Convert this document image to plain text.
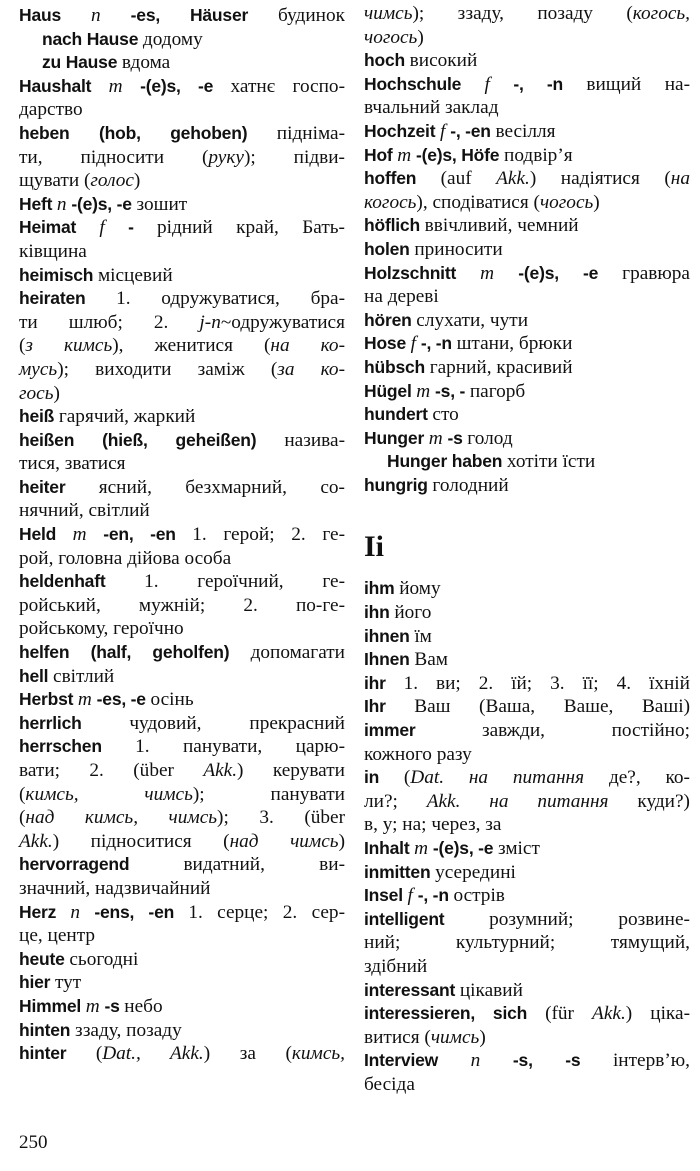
Haus n -es, Häuser будинок
nach Hause додому
zu Hause вдома
Haushalt m -(e)s, -e хатнє госпо-
дарство
heben (hob, gehoben) підніма-
ти, підносити (руку); підви-
щувати (голос)
Heft n -(e)s, -e зошит
Heimat f - рідний край, Бать-
ківщина
heimisch місцевий
heiraten 1. одружуватися, бра-
ти шлюб; 2. j-n~одружуватися
(з кимсь), женитися (на ко-
мусь); виходити заміж (за ко-
гось)
heiß гарячий, жаркий
heißen (hieß, geheißen) назива-
тися, зватися
heiter ясний, безхмарний, со-
нячний, світлий
Held m -en, -en 1. герой; 2. ге-
рой, головна дійова особа
heldenhaft 1. героїчний, ге-
ройський, мужній; 2. по-ге-
ройському, героїчно
helfen (half, geholfen) допомагати
hell світлий
Herbst m -es, -e осінь
herrlich чудовий, прекрасний
herrschen 1. панувати, царю-
вати; 2. (über Akk.) керувати
(кимсь, чимсь); панувати
(над кимсь, чимсь); 3. (über
Akk.) підноситися (над чимсь)
hervorragend видатний, ви-
значний, надзвичайний
Herz n -ens, -en 1. серце; 2. сер-
це, центр
heute сьогодні
hier тут
Himmel m -s небо
hinten ззаду, позаду
hinter (Dat., Akk.) за (кимсь,
чимсь); ззаду, позаду (когось,
чогось)
hoch високий
Hochschule f -, -n вищий на-
вчальний заклад
Hochzeit f -, -en весілля
Hof m -(e)s, Höfe подвір’я
hoffen (auf Akk.) надіятися (на
когось), сподіватися (чогось)
höflich ввічливий, чемний
holen приносити
Holzschnitt m -(e)s, -e гравюра
на дереві
hören слухати, чути
Hose f -, -n штани, брюки
hübsch гарний, красивий
Hügel m -s, - пагорб
hundert сто
Hunger m -s голод
Hunger haben хотіти їсти
hungrig голодний
Ii
ihm йому
ihn його
ihnen їм
Ihnen Вам
ihr 1. ви; 2. їй; 3. її; 4. їхній
Ihr Ваш (Ваша, Ваше, Ваші)
immer завжди, постійно;
кожного разу
in (Dat. на питання де?, ко-
ли?; Akk. на питання куди?)
в, у; на; через, за
Inhalt m -(e)s, -e зміст
inmitten усередині
Insel f -, -n острів
intelligent розумний; розвине-
ний; культурний; тямущий,
здібний
interessant цікавий
interessieren, sich (für Akk.) ціка-
витися (чимсь)
Interview n -s, -s інтерв’ю,
бесіда
250
